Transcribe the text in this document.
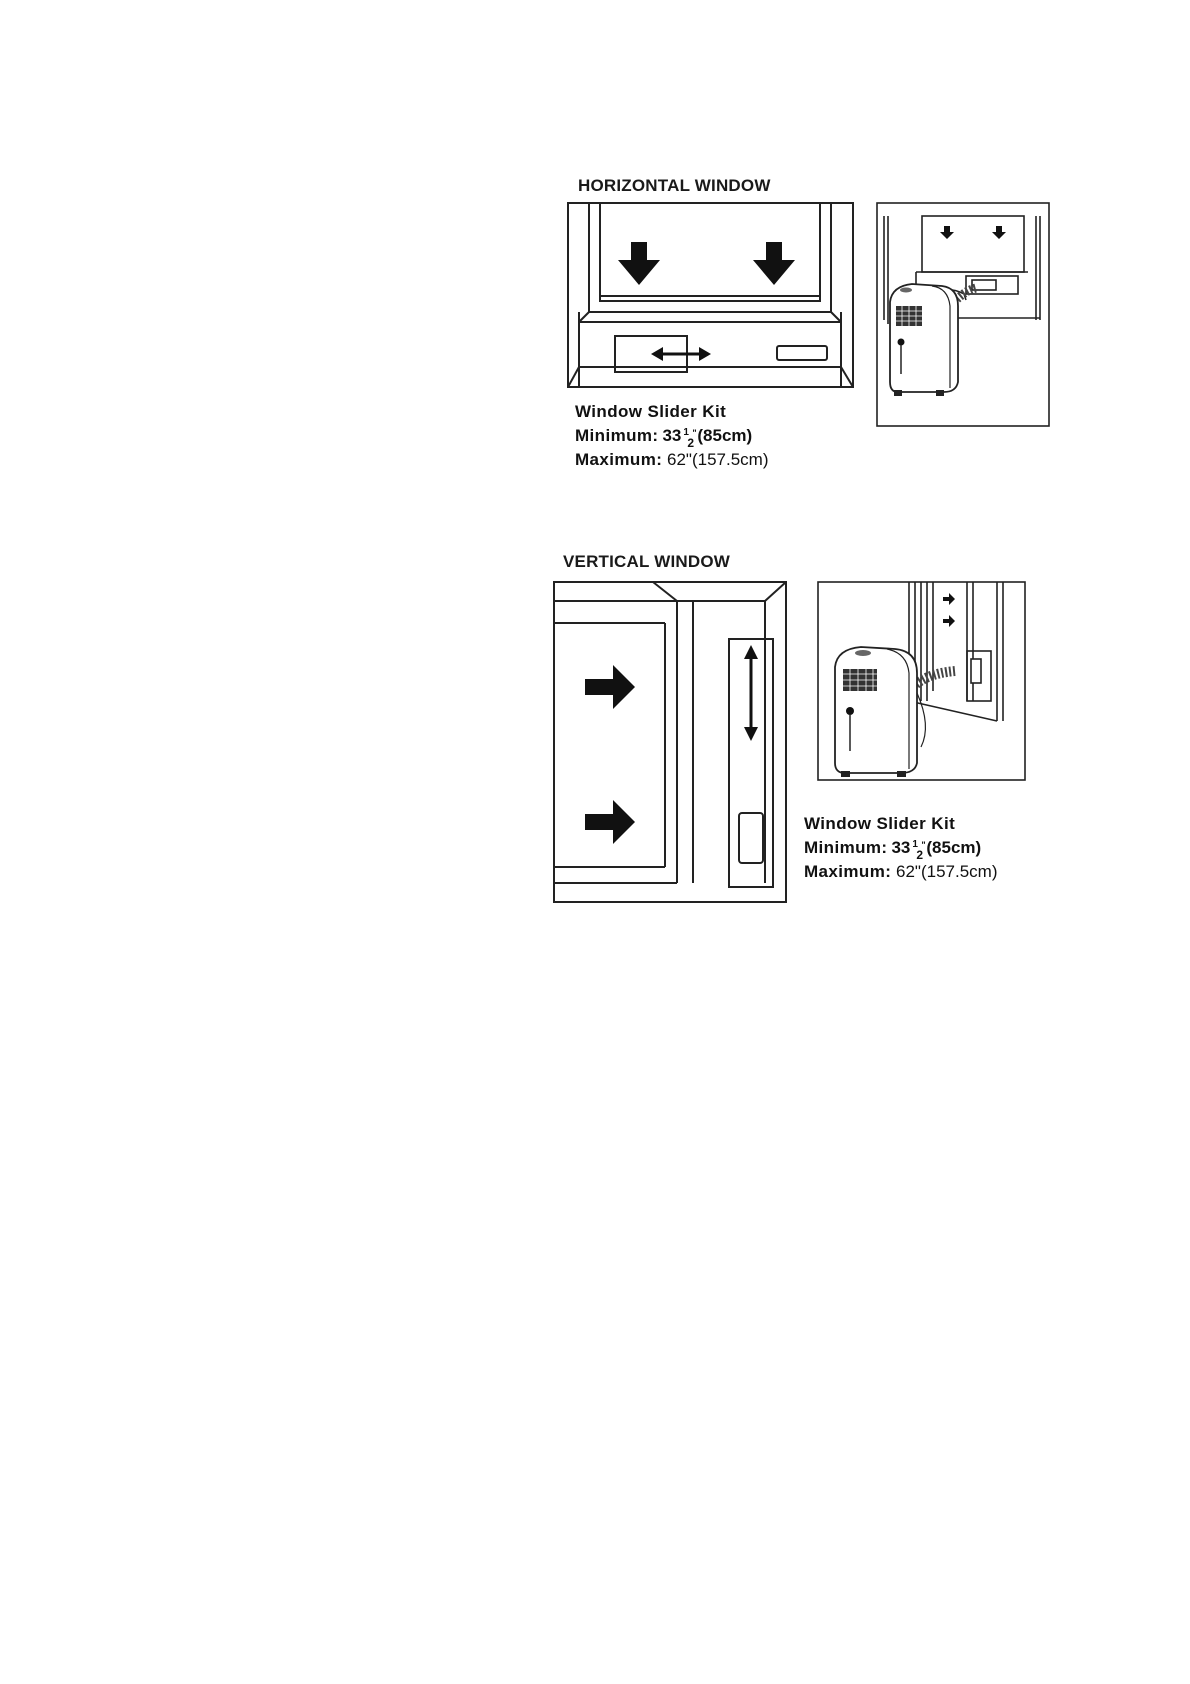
HORIZONTAL WINDOW
Window Slider Kit
Minimum: 33 1
2
" (85cm)
Maximum: 62"(157.5cm)
VERTICAL WINDOW
Window Slider Kit
Minimum: 33 1
2
" (85cm)
Maximum: 62"(157.5cm)
